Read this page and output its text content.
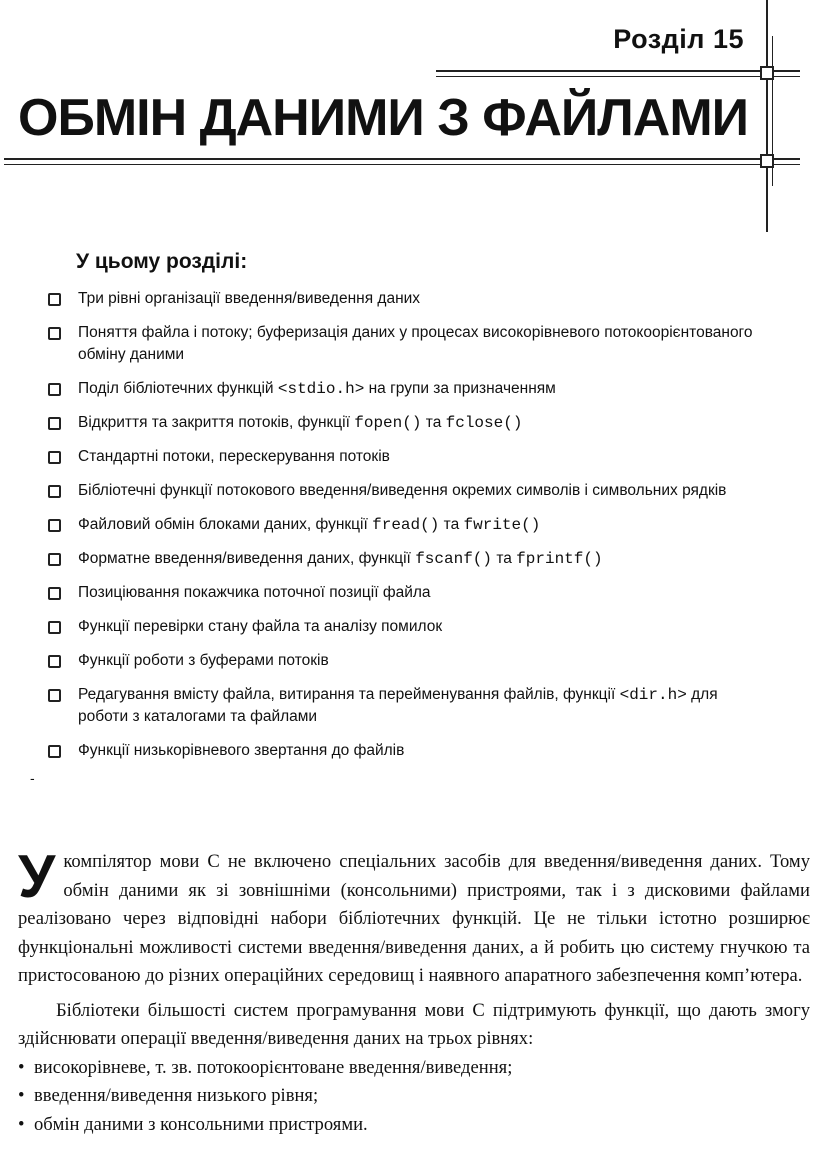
Розділ 15
ОБМІН ДАНИМИ З ФАЙЛАМИ
У цьому розділі:
-
Три рівні організації введення/виведення даних
Поняття файла і потоку; буферизація даних у процесах високорівневого потокоорієнтованого обміну даними
Поділ бібліотечних функцій <stdio.h> на групи за призначенням
Відкриття та закриття потоків, функції fopen() та fclose()
Стандартні потоки, перескерування потоків
Бібліотечні функції потокового введення/виведення окремих символів і символьних рядків
Файловий обмін блоками даних, функції fread() та fwrite()
Форматне введення/виведення даних, функції fscanf() та fprintf()
Позиціювання покажчика поточної позиції файла
Функції перевірки стану файла та аналізу помилок
Функції роботи з буферами потоків
Редагування вмісту файла, витирання та перейменування файлів, функції <dir.h> для роботи з каталогами та файлами
Функції низькорівневого звертання до файлів

Укомпілятор мови C не включено спеціальних засобів для введення/виведення даних. Тому обмін даними як зі зовнішніми (консольними) пристроями, так і з дисковими файлами реалізовано через відповідні набори бібліотечних функцій. Це не тільки істотно розширює функціональні можливості системи введення/виведення даних, а й робить цю систему гнучкою та пристосованою до різних операційних середовищ і наявного апаратного забезпечення комп’ютера.

Бібліотеки більшості систем програмування мови C підтримують функції, що дають змогу здійснювати операції введення/виведення даних на трьох рівнях:

• високорівневе, т. зв. потокоорієнтоване введення/виведення;
• введення/виведення низького рівня;
• обмін даними з консольними пристроями.
